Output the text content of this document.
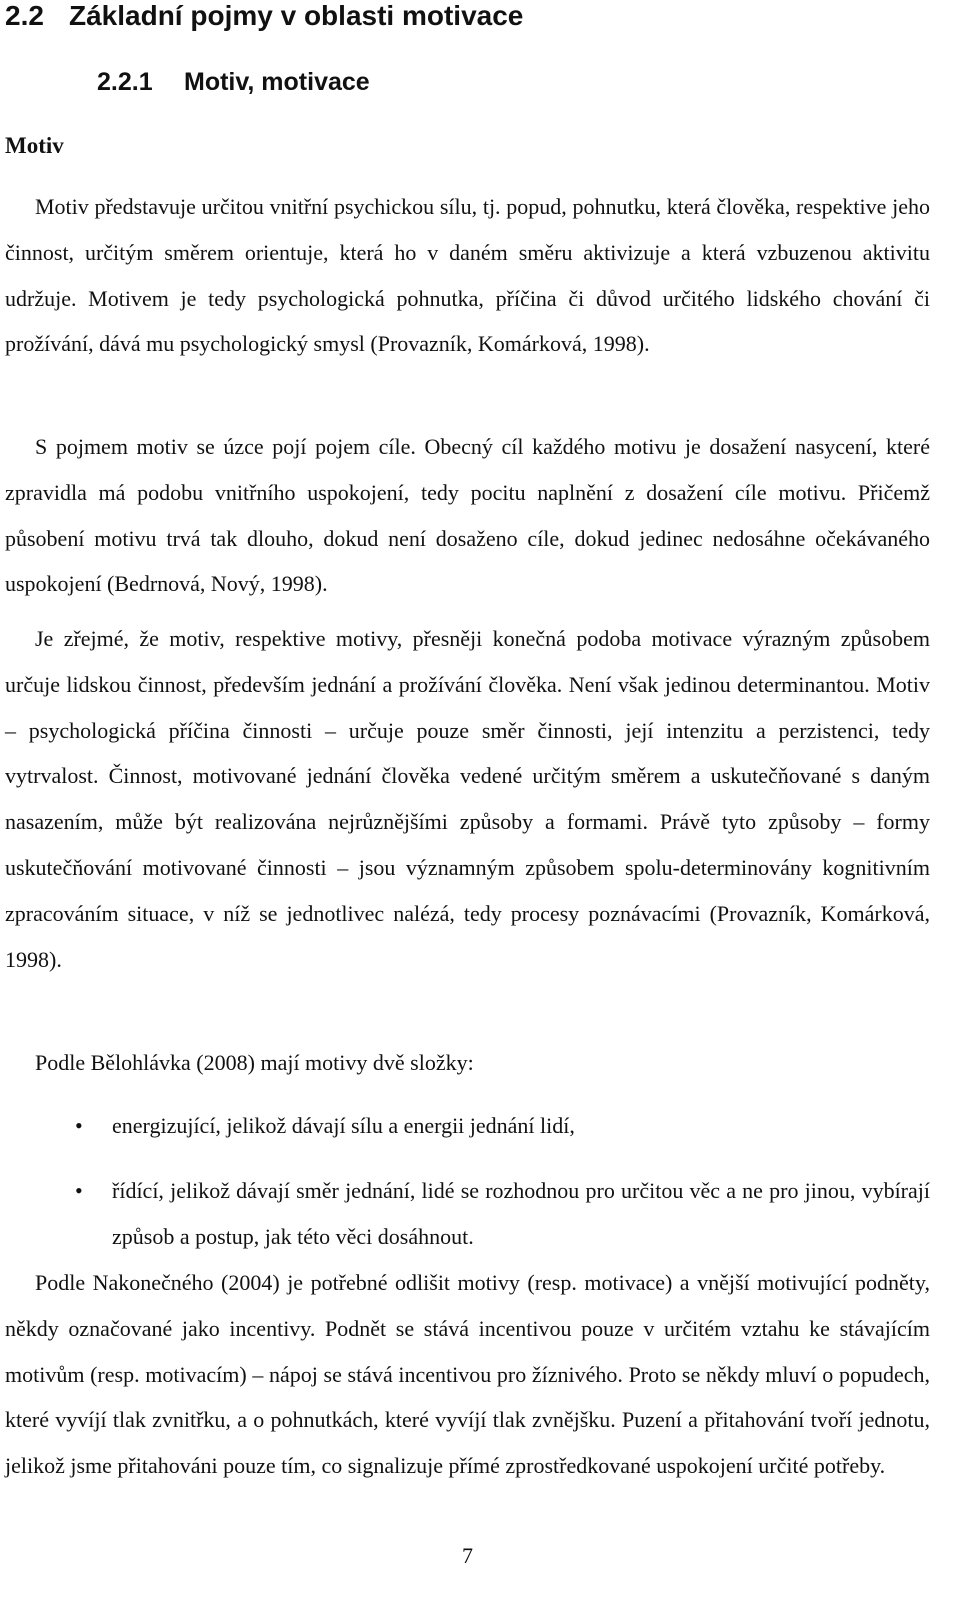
2.2 Základní pojmy v oblasti motivace
2.2.1 Motiv, motivace
Motiv

Motiv představuje určitou vnitřní psychickou sílu, tj. popud, pohnutku, která člověka, respektive jeho činnost, určitým směrem orientuje, která ho v daném směru aktivizuje a která vzbuzenou aktivitu udržuje. Motivem je tedy psychologická pohnutka, příčina či důvod určitého lidského chování či prožívání, dává mu psychologický smysl (Provazník, Komárková, 1998).

S pojmem motiv se úzce pojí pojem cíle. Obecný cíl každého motivu je dosažení nasycení, které zpravidla má podobu vnitřního uspokojení, tedy pocitu naplnění z dosažení cíle motivu. Přičemž působení motivu trvá tak dlouho, dokud není dosaženo cíle, dokud jedinec nedosáhne očekávaného uspokojení (Bedrnová, Nový, 1998).

Je zřejmé, že motiv, respektive motivy, přesněji konečná podoba motivace výrazným způsobem určuje lidskou činnost, především jednání a prožívání člověka. Není však jedinou determinantou. Motiv – psychologická příčina činnosti – určuje pouze směr činnosti, její intenzitu a perzistenci, tedy vytrvalost. Činnost, motivované jednání člověka vedené určitým směrem a uskutečňované s daným nasazením, může být realizována nejrůznějšími způsoby a formami. Právě tyto způsoby – formy uskutečňování motivované činnosti – jsou významným způsobem spolu-determinovány kognitivním zpracováním situace, v níž se jednotlivec nalézá, tedy procesy poznávacími (Provazník, Komárková, 1998).

Podle Bělohlávka (2008) mají motivy dvě složky:

• energizující, jelikož dávají sílu a energii jednání lidí,
• řídící, jelikož dávají směr jednání, lidé se rozhodnou pro určitou věc a ne pro jinou, vybírají způsob a postup, jak této věci dosáhnout.

Podle Nakonečného (2004) je potřebné odlišit motivy (resp. motivace) a vnější motivující podněty, někdy označované jako incentivy. Podnět se stává incentivou pouze v určitém vztahu ke stávajícím motivům (resp. motivacím) – nápoj se stává incentivou pro žíznivého. Proto se někdy mluví o popudech, které vyvíjí tlak zvnitřku, a o pohnutkách, které vyvíjí tlak zvnějšku. Puzení a přitahování tvoří jednotu, jelikož jsme přitahováni pouze tím, co signalizuje přímé zprostředkované uspokojení určité potřeby.

7
